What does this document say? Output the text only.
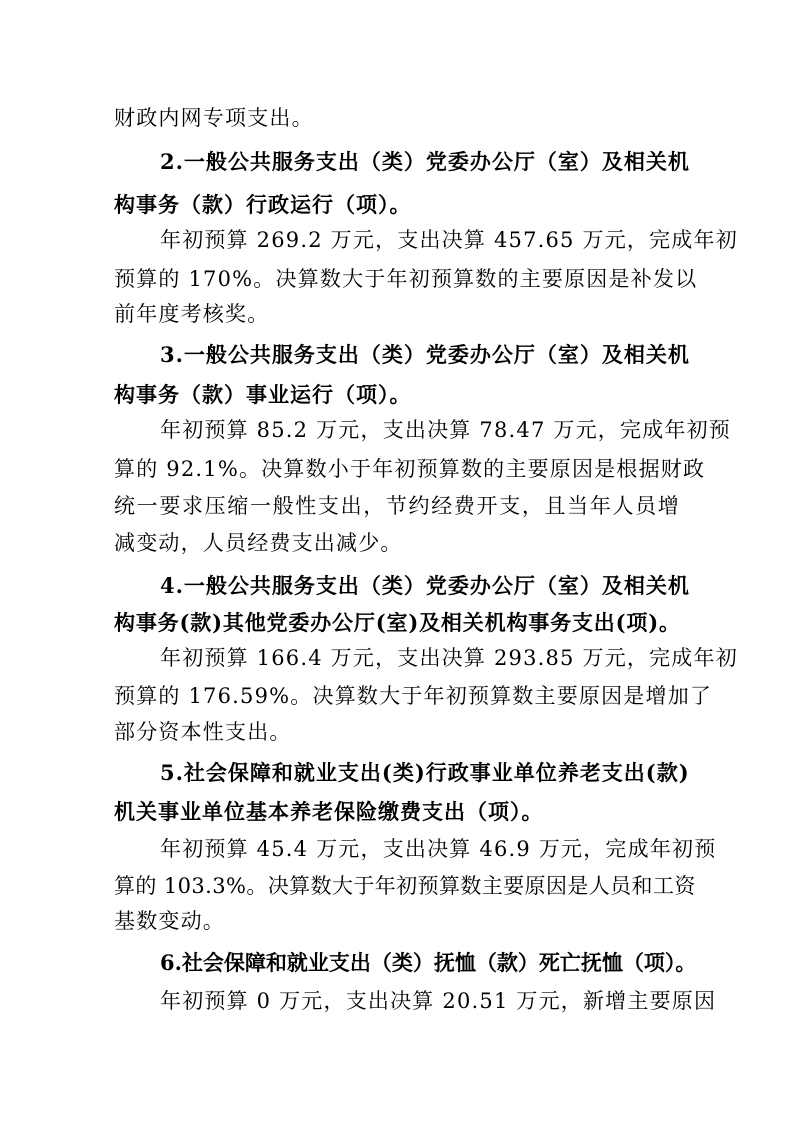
财政内网专项支出。
2.一般公共服务支出（类）党委办公厅（室）及相关机
构事务（款）行政运行（项）。
年初预算 269.2 万元，支出决算 457.65 万元，完成年初
预算的 170%。决算数大于年初预算数的主要原因是补发以
前年度考核奖。
3.一般公共服务支出（类）党委办公厅（室）及相关机
构事务（款）事业运行（项）。
年初预算 85.2 万元，支出决算 78.47 万元，完成年初预
算的 92.1%。决算数小于年初预算数的主要原因是根据财政
统一要求压缩一般性支出，节约经费开支，且当年人员增
减变动，人员经费支出减少。
4.一般公共服务支出（类）党委办公厅（室）及相关机
构事务(款)其他党委办公厅(室)及相关机构事务支出(项)。
年初预算 166.4 万元，支出决算 293.85 万元，完成年初
预算的 176.59%。决算数大于年初预算数主要原因是增加了
部分资本性支出。
5.社会保障和就业支出(类)行政事业单位养老支出(款)
机关事业单位基本养老保险缴费支出（项）。
年初预算 45.4 万元，支出决算 46.9 万元，完成年初预
算的 103.3%。决算数大于年初预算数主要原因是人员和工资
基数变动。
6.社会保障和就业支出（类）抚恤（款）死亡抚恤（项）。
年初预算 0 万元，支出决算 20.51 万元，新增主要原因
